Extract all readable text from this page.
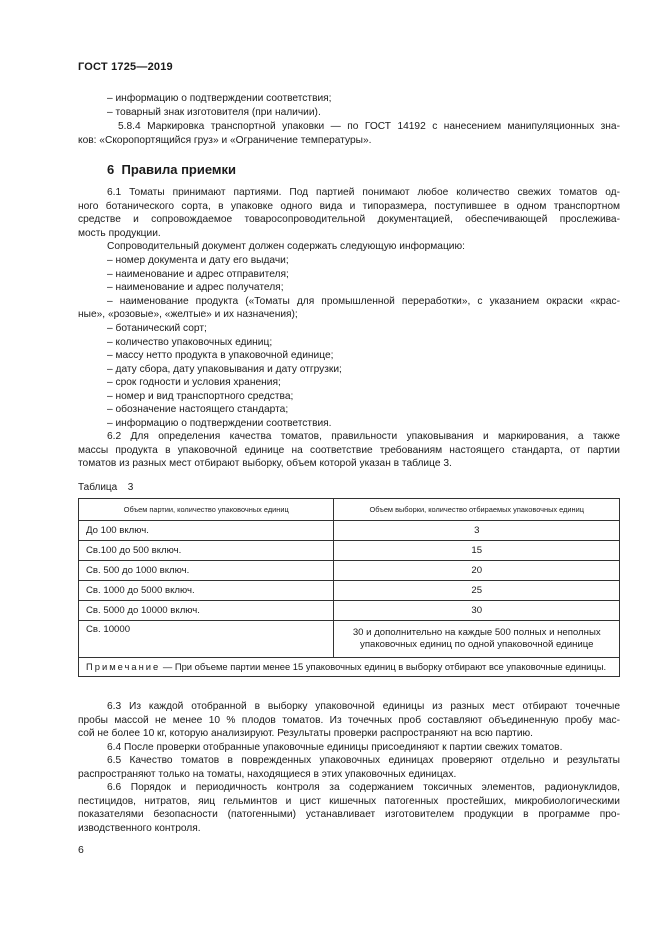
ГОСТ 1725—2019
– информацию о подтверждении соответствия;
– товарный знак изготовителя (при наличии).
5.8.4 Маркировка транспортной упаковки — по ГОСТ 14192 с нанесением манипуляционных зна-
ков: «Скоропортящийся груз» и «Ограничение температуры».
6 Правила приемки
6.1 Томаты принимают партиями. Под партией понимают любое количество свежих томатов од-
ного ботанического сорта, в упаковке одного вида и типоразмера, поступившее в одном транспортном
средстве и сопровождаемое товаросопроводительной документацией, обеспечивающей прослежива-
мость продукции.
Сопроводительный документ должен содержать следующую информацию:
– номер документа и дату его выдачи;
– наименование и адрес отправителя;
– наименование и адрес получателя;
– наименование продукта («Томаты для промышленной переработки», с указанием окраски «крас-
ные», «розовые», «желтые» и их назначения);
– ботанический сорт;
– количество упаковочных единиц;
– массу нетто продукта в упаковочной единице;
– дату сбора, дату упаковывания и дату отгрузки;
– срок годности и условия хранения;
– номер и вид транспортного средства;
– обозначение настоящего стандарта;
– информацию о подтверждении соответствия.
6.2 Для определения качества томатов, правильности упаковывания и маркирования, а также
массы продукта в упаковочной единице на соответствие требованиям настоящего стандарта, от партии
томатов из разных мест отбирают выборку, объем которой указан в таблице 3.
Таблица 3
Объем партии, количество упаковочных единиц	Объем выборки, количество отбираемых упаковочных единиц
До 100 включ.	3
Св.100 до 500 включ.	15
Св. 500 до 1000 включ.	20
Св. 1000 до 5000 включ.	25
Св. 5000 до 10000 включ.	30
Св. 10000	30 и дополнительно на каждые 500 полных и неполных упаковочных единиц по одной упаковочной единице
Примечание — При объеме партии менее 15 упаковочных единиц в выборку отбирают все упаковочные единицы.	
6.3 Из каждой отобранной в выборку упаковочной единицы из разных мест отбирают точечные
пробы массой не менее 10 % плодов томатов. Из точечных проб составляют объединенную пробу мас-
сой не более 10 кг, которую анализируют. Результаты проверки распространяют на всю партию.
6.4 После проверки отобранные упаковочные единицы присоединяют к партии свежих томатов.
6.5 Качество томатов в поврежденных упаковочных единицах проверяют отдельно и результаты
распространяют только на томаты, находящиеся в этих упаковочных единицах.
6.6 Порядок и периодичность контроля за содержанием токсичных элементов, радионуклидов,
пестицидов, нитратов, яиц гельминтов и цист кишечных патогенных простейших, микробиологическими
показателями безопасности (патогенными) устанавливает изготовителем продукции в программе про-
изводственного контроля.
6
